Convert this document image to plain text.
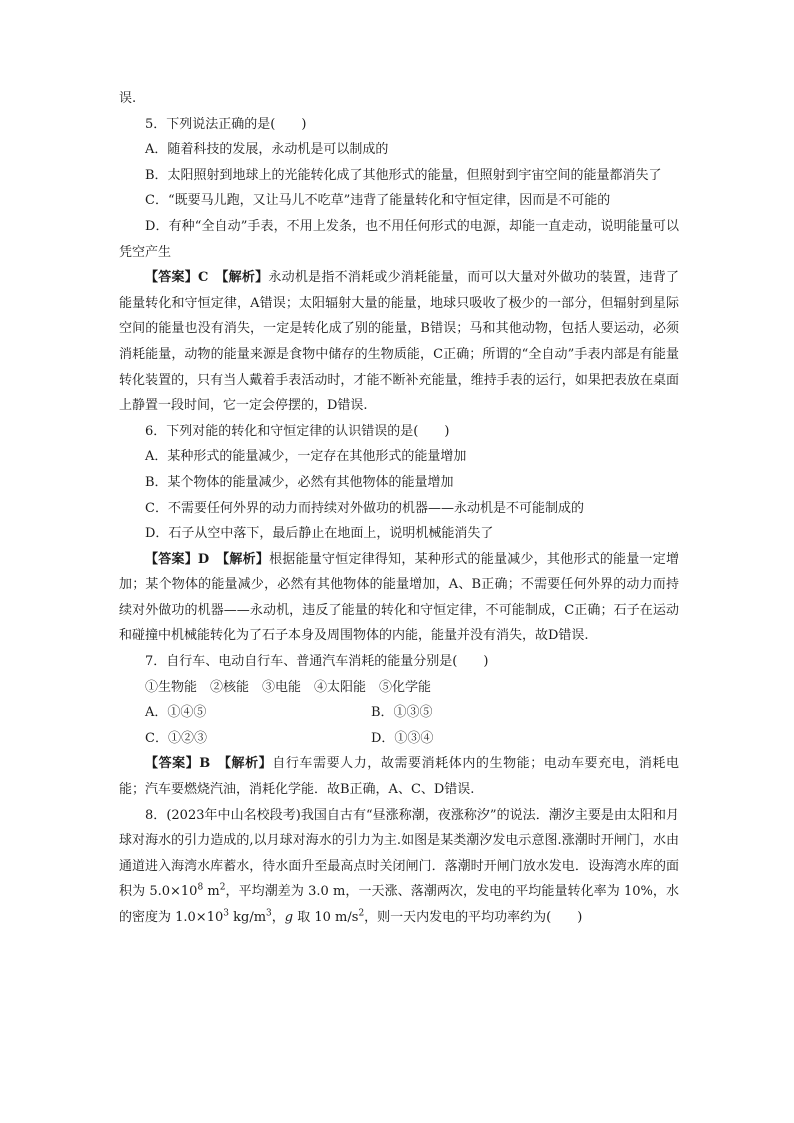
误.

5．下列说法正确的是(　　)

A．随着科技的发展，永动机是可以制成的

B．太阳照射到地球上的光能转化成了其他形式的能量，但照射到宇宙空间的能量都消失了

C．“既要马儿跑，又让马儿不吃草”违背了能量转化和守恒定律，因而是不可能的

D．有种“全自动”手表，不用上发条，也不用任何形式的电源，却能一直走动，说明能量可以凭空产生

【答案】C　【解析】永动机是指不消耗或少消耗能量，而可以大量对外做功的装置，违背了能量转化和守恒定律，A错误；太阳辐射大量的能量，地球只吸收了极少的一部分，但辐射到星际空间的能量也没有消失，一定是转化成了别的能量，B错误；马和其他动物，包括人要运动，必须消耗能量，动物的能量来源是食物中储存的生物质能，C正确；所谓的“全自动”手表内部是有能量转化装置的，只有当人戴着手表活动时，才能不断补充能量，维持手表的运行，如果把表放在桌面上静置一段时间，它一定会停摆的，D错误.

6．下列对能的转化和守恒定律的认识错误的是(　　)

A．某种形式的能量减少，一定存在其他形式的能量增加

B．某个物体的能量减少，必然有其他物体的能量增加

C．不需要任何外界的动力而持续对外做功的机器——永动机是不可能制成的

D．石子从空中落下，最后静止在地面上，说明机械能消失了

【答案】D　【解析】根据能量守恒定律得知，某种形式的能量减少，其他形式的能量一定增加；某个物体的能量减少，必然有其他物体的能量增加，A、B正确；不需要任何外界的动力而持续对外做功的机器——永动机，违反了能量的转化和守恒定律，不可能制成，C正确；石子在运动和碰撞中机械能转化为了石子本身及周围物体的内能，能量并没有消失，故D错误.

7．自行车、电动自行车、普通汽车消耗的能量分别是(　　)

①生物能　②核能　③电能　④太阳能　⑤化学能

A．①④⑤	B．①③⑤
C．①②③	D．①③④

【答案】B　【解析】自行车需要人力，故需要消耗体内的生物能；电动车要充电，消耗电能；汽车要燃烧汽油，消耗化学能．故B正确，A、C、D错误.

8．(2023年中山名校段考)我国自古有“昼涨称潮，夜涨称汐”的说法．潮汐主要是由太阳和月球对海水的引力造成的,以月球对海水的引力为主.如图是某类潮汐发电示意图.涨潮时开闸门，水由通道进入海湾水库蓄水，待水面升至最高点时关闭闸门．落潮时开闸门放水发电．设海湾水库的面积为 $5.0\times 10^8$ $m^2$，平均潮差为 3.0 m，一天涨、落潮两次，发电的平均能量转化率为 10%，水的密度为 $1.0\times 10^3$ $kg/m^3$，g 取 10 $m/s^2$，则一天内发电的平均功率约为(　　)
